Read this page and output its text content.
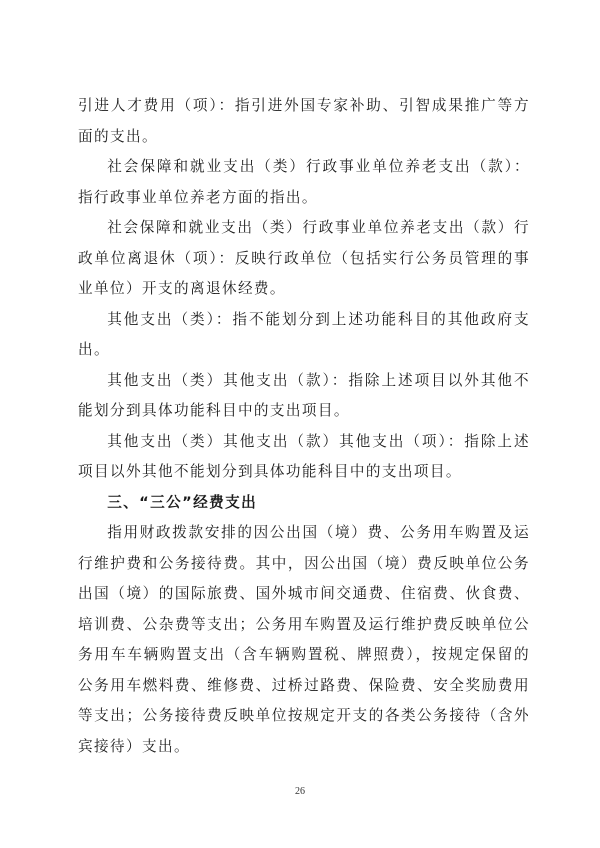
引进人才费用（项）：指引进外国专家补助、引智成果推广等方面的支出。

社会保障和就业支出（类）行政事业单位养老支出（款）：指行政事业单位养老方面的指出。

社会保障和就业支出（类）行政事业单位养老支出（款）行政单位离退休（项）：反映行政单位（包括实行公务员管理的事业单位）开支的离退休经费。

其他支出（类）：指不能划分到上述功能科目的其他政府支出。

其他支出（类）其他支出（款）：指除上述项目以外其他不能划分到具体功能科目中的支出项目。

其他支出（类）其他支出（款）其他支出（项）：指除上述项目以外其他不能划分到具体功能科目中的支出项目。

三、“三公”经费支出

指用财政拨款安排的因公出国（境）费、公务用车购置及运行维护费和公务接待费。其中，因公出国（境）费反映单位公务出国（境）的国际旅费、国外城市间交通费、住宿费、伙食费、培训费、公杂费等支出；公务用车购置及运行维护费反映单位公务用车车辆购置支出（含车辆购置税、牌照费），按规定保留的公务用车燃料费、维修费、过桥过路费、保险费、安全奖励费用等支出；公务接待费反映单位按规定开支的各类公务接待（含外宾接待）支出。

26
